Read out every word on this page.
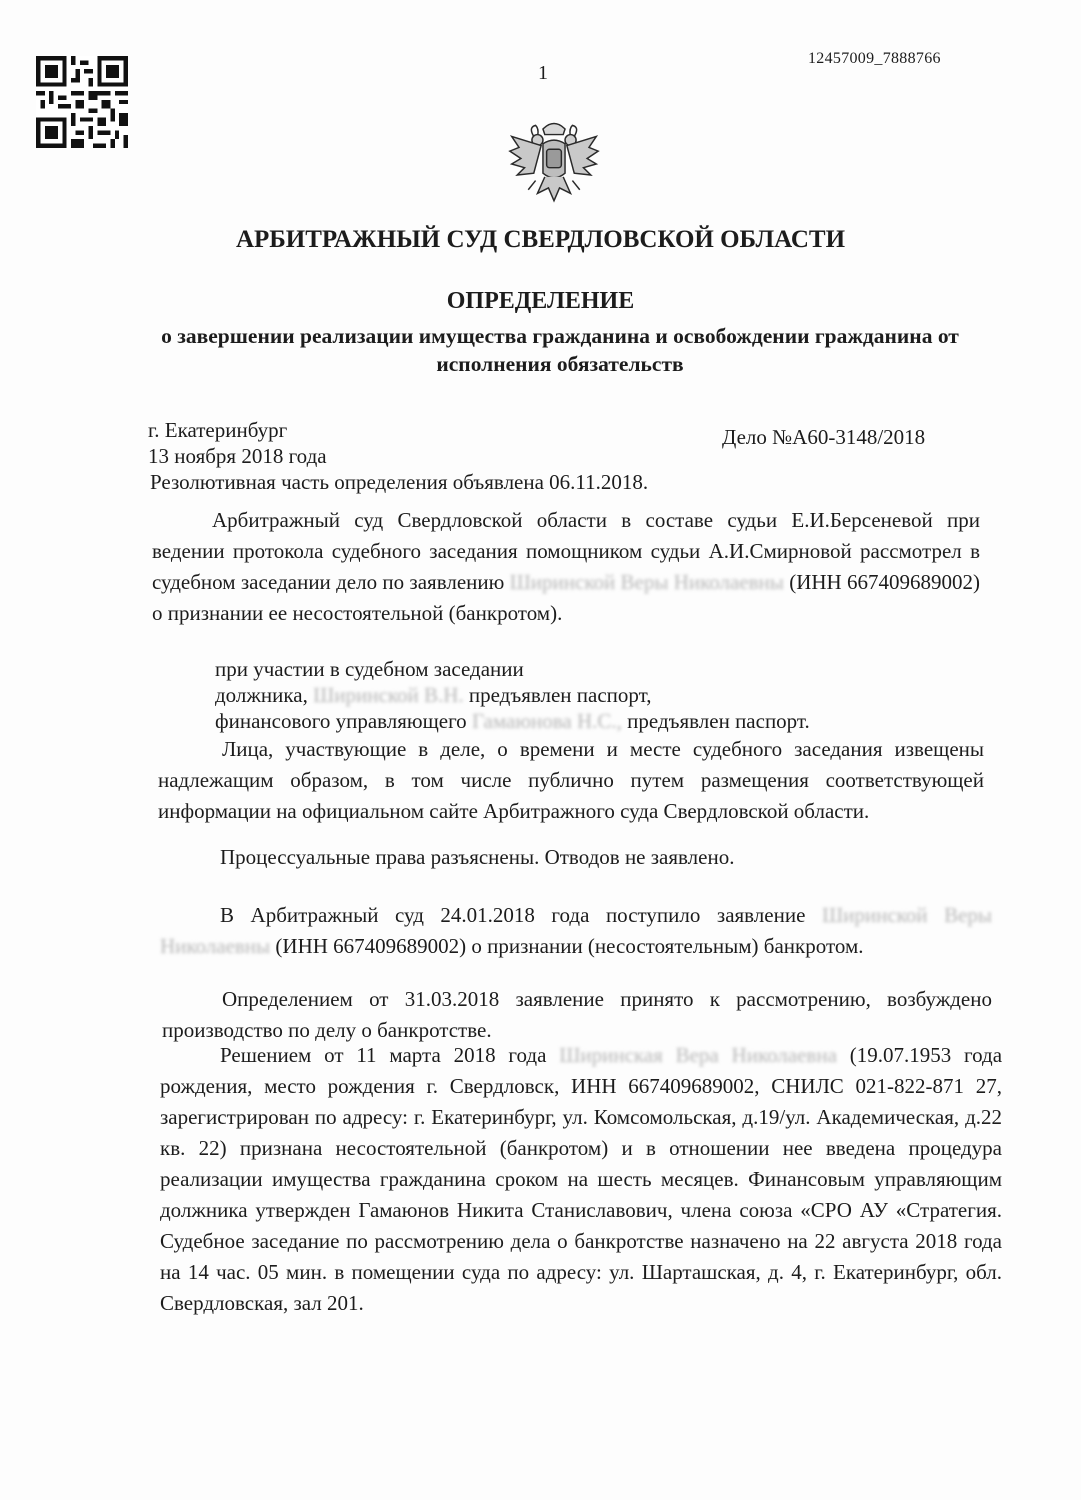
1
12457009_7888766
АРБИТРАЖНЫЙ СУД СВЕРДЛОВСКОЙ ОБЛАСТИ
ОПРЕДЕЛЕНИЕ
о завершении реализации имущества гражданина и освобождении гражданина от исполнения обязательств
г. Екатеринбург
13 ноября 2018 года
Дело №А60-3148/2018
Резолютивная часть определения объявлена 06.11.2018.
Арбитражный суд Свердловской области в составе судьи Е.И.Берсеневой при ведении протокола судебного заседания помощником судьи А.И.Смирновой рассмотрел в судебном заседании дело по заявлению Ширинской Веры Николаевны (ИНН 667409689002) о признании ее несостоятельной (банкротом).
при участии в судебном заседании
должника, Ширинской В.Н. предъявлен паспорт,
финансового управляющего Гамаюнова Н.С., предъявлен паспорт.
Лица, участвующие в деле, о времени и месте судебного заседания извещены надлежащим образом, в том числе публично путем размещения соответствующей информации на официальном сайте Арбитражного суда Свердловской области.
Процессуальные права разъяснены. Отводов не заявлено.
В Арбитражный суд 24.01.2018 года поступило заявление Ширинской Веры Николаевны (ИНН 667409689002) о признании (несостоятельным) банкротом.
Определением от 31.03.2018 заявление принято к рассмотрению, возбуждено производство по делу о банкротстве.
Решением от 11 марта 2018 года Ширинская Вера Николаевна (19.07.1953 года рождения, место рождения г. Свердловск, ИНН 667409689002, СНИЛС 021-822-871 27, зарегистрирован по адресу: г. Екатеринбург, ул. Комсомольская, д.19/ул. Академическая, д.22 кв. 22) признана несостоятельной (банкротом) и в отношении нее введена процедура реализации имущества гражданина сроком на шесть месяцев. Финансовым управляющим должника утвержден Гамаюнов Никита Станиславович, члена союза «СРО АУ «Стратегия. Судебное заседание по рассмотрению дела о банкротстве назначено на 22 августа 2018 года на 14 час. 05 мин. в помещении суда по адресу: ул. Шарташская, д. 4, г. Екатеринбург, обл. Свердловская, зал 201.
